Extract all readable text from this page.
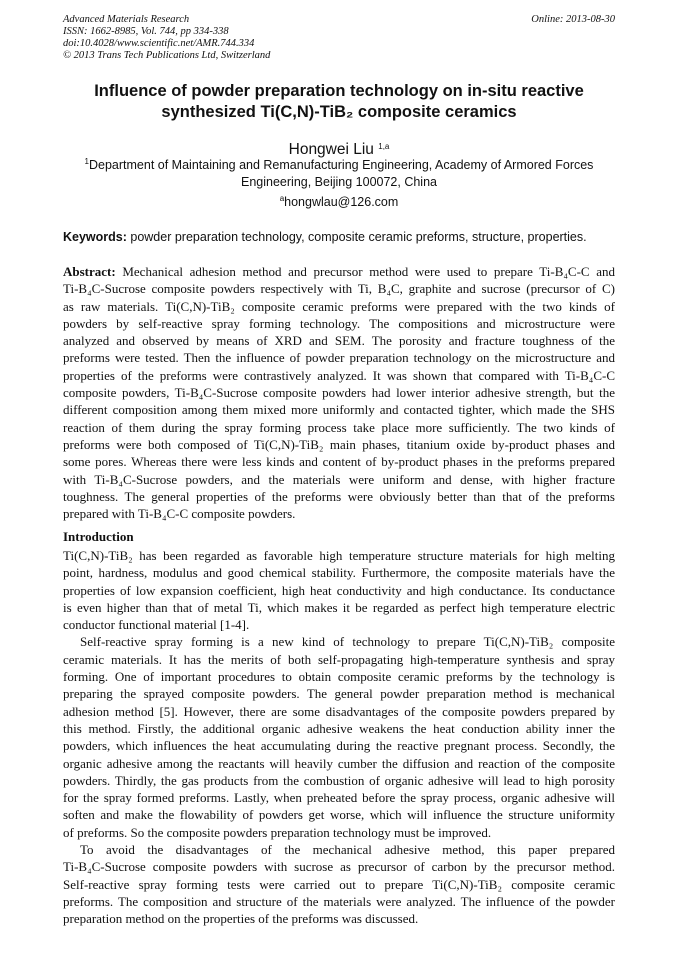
Advanced Materials Research
ISSN: 1662-8985, Vol. 744, pp 334-338
doi:10.4028/www.scientific.net/AMR.744.334
© 2013 Trans Tech Publications Ltd, Switzerland
Online: 2013-08-30
Influence of powder preparation technology on in-situ reactive
synthesized Ti(C,N)-TiB₂ composite ceramics
Hongwei Liu $^{1,a}$
$^1$Department of Maintaining and Remanufacturing Engineering, Academy of Armored Forces
Engineering, Beijing 100072, China
$^a$hongwlau@126.com
Keywords: powder preparation technology, composite ceramic preforms, structure, properties.
Abstract: Mechanical adhesion method and precursor method were used to prepare Ti-B₄C-C and
Ti-B₄C-Sucrose composite powders respectively with Ti, B₄C, graphite and sucrose (precursor of C)
as raw materials. Ti(C,N)-TiB₂ composite ceramic preforms were prepared with the two kinds of
powders by self-reactive spray forming technology. The compositions and microstructure were
analyzed and observed by means of XRD and SEM. The porosity and fracture toughness of the
preforms were tested. Then the influence of powder preparation technology on the microstructure and
properties of the preforms were contrastively analyzed. It was shown that compared with Ti-B₄C-C
composite powders, Ti-B₄C-Sucrose composite powders had lower interior adhesive strength, but the
different composition among them mixed more uniformly and contacted tighter, which made the SHS
reaction of them during the spray forming process take place more sufficiently. The two kinds of
preforms were both composed of Ti(C,N)-TiB₂ main phases, titanium oxide by-product phases and
some pores. Whereas there were less kinds and content of by-product phases in the preforms prepared
with Ti-B₄C-Sucrose powders, and the materials were uniform and dense, with higher fracture
toughness. The general properties of the preforms were obviously better than that of the preforms
prepared with Ti-B₄C-C composite powders.
Introduction
Ti(C,N)-TiB₂ has been regarded as favorable high temperature structure materials for high melting
point, hardness, modulus and good chemical stability. Furthermore, the composite materials have the
properties of low expansion coefficient, high heat conductivity and high conductance. Its conductance
is even higher than that of metal Ti, which makes it be regarded as perfect high temperature electric
conductor functional material [1-4].
Self-reactive spray forming is a new kind of technology to prepare Ti(C,N)-TiB₂ composite
ceramic materials. It has the merits of both self-propagating high-temperature synthesis and spray
forming. One of important procedures to obtain composite ceramic preforms by the technology is
preparing the sprayed composite powders. The general powder preparation method is mechanical
adhesion method [5]. However, there are some disadvantages of the composite powders prepared by
this method. Firstly, the additional organic adhesive weakens the heat conduction ability inner the
powders, which influences the heat accumulating during the reactive pregnant process. Secondly, the
organic adhesive among the reactants will heavily cumber the diffusion and reaction of the composite
powders. Thirdly, the gas products from the combustion of organic adhesive will lead to high porosity
for the spray formed preforms. Lastly, when preheated before the spray process, organic adhesive will
soften and make the flowability of powders get worse, which will influence the structure uniformity
of preforms. So the composite powders preparation technology must be improved.
To avoid the disadvantages of the mechanical adhesive method, this paper prepared
Ti-B₄C-Sucrose composite powders with sucrose as precursor of carbon by the precursor method.
Self-reactive spray forming tests were carried out to prepare Ti(C,N)-TiB₂ composite ceramic
preforms. The composition and structure of the materials were analyzed. The influence of the powder
preparation method on the properties of the preforms was discussed.
